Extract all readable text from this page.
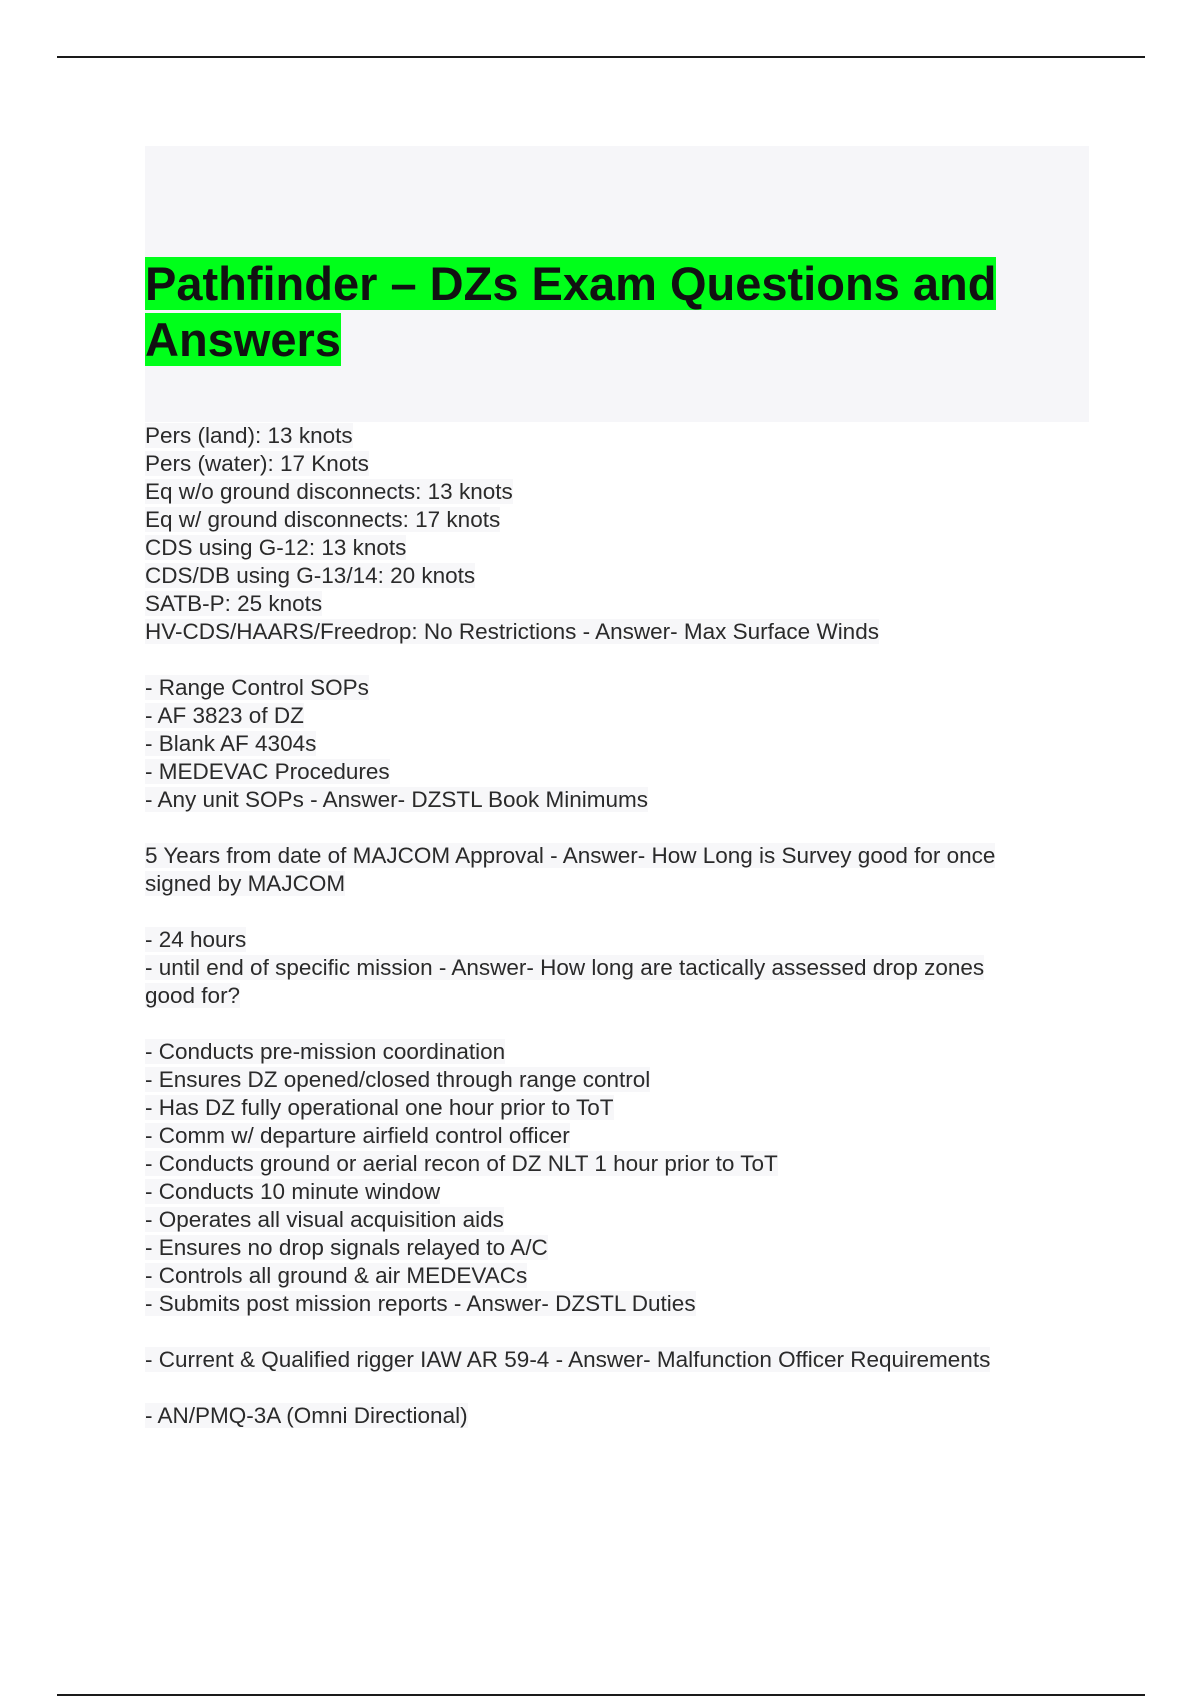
Pathfinder – DZs Exam Questions and Answers
Pers (land): 13 knots
Pers (water): 17 Knots
Eq w/o ground disconnects: 13 knots
Eq w/ ground disconnects: 17 knots
CDS using G-12: 13 knots
CDS/DB using G-13/14: 20 knots
SATB-P: 25 knots
HV-CDS/HAARS/Freedrop: No Restrictions - Answer- Max Surface Winds
- Range Control SOPs
- AF 3823 of DZ
- Blank AF 4304s
- MEDEVAC Procedures
- Any unit SOPs - Answer- DZSTL Book Minimums
5 Years from date of MAJCOM Approval - Answer- How Long is Survey good for once
signed by MAJCOM
- 24 hours
- until end of specific mission - Answer- How long are tactically assessed drop zones
good for?
- Conducts pre-mission coordination
- Ensures DZ opened/closed through range control
- Has DZ fully operational one hour prior to ToT
- Comm w/ departure airfield control officer
- Conducts ground or aerial recon of DZ NLT 1 hour prior to ToT
- Conducts 10 minute window
- Operates all visual acquisition aids
- Ensures no drop signals relayed to A/C
- Controls all ground & air MEDEVACs
- Submits post mission reports - Answer- DZSTL Duties
- Current & Qualified rigger IAW AR 59-4 - Answer- Malfunction Officer Requirements
- AN/PMQ-3A (Omni Directional)
